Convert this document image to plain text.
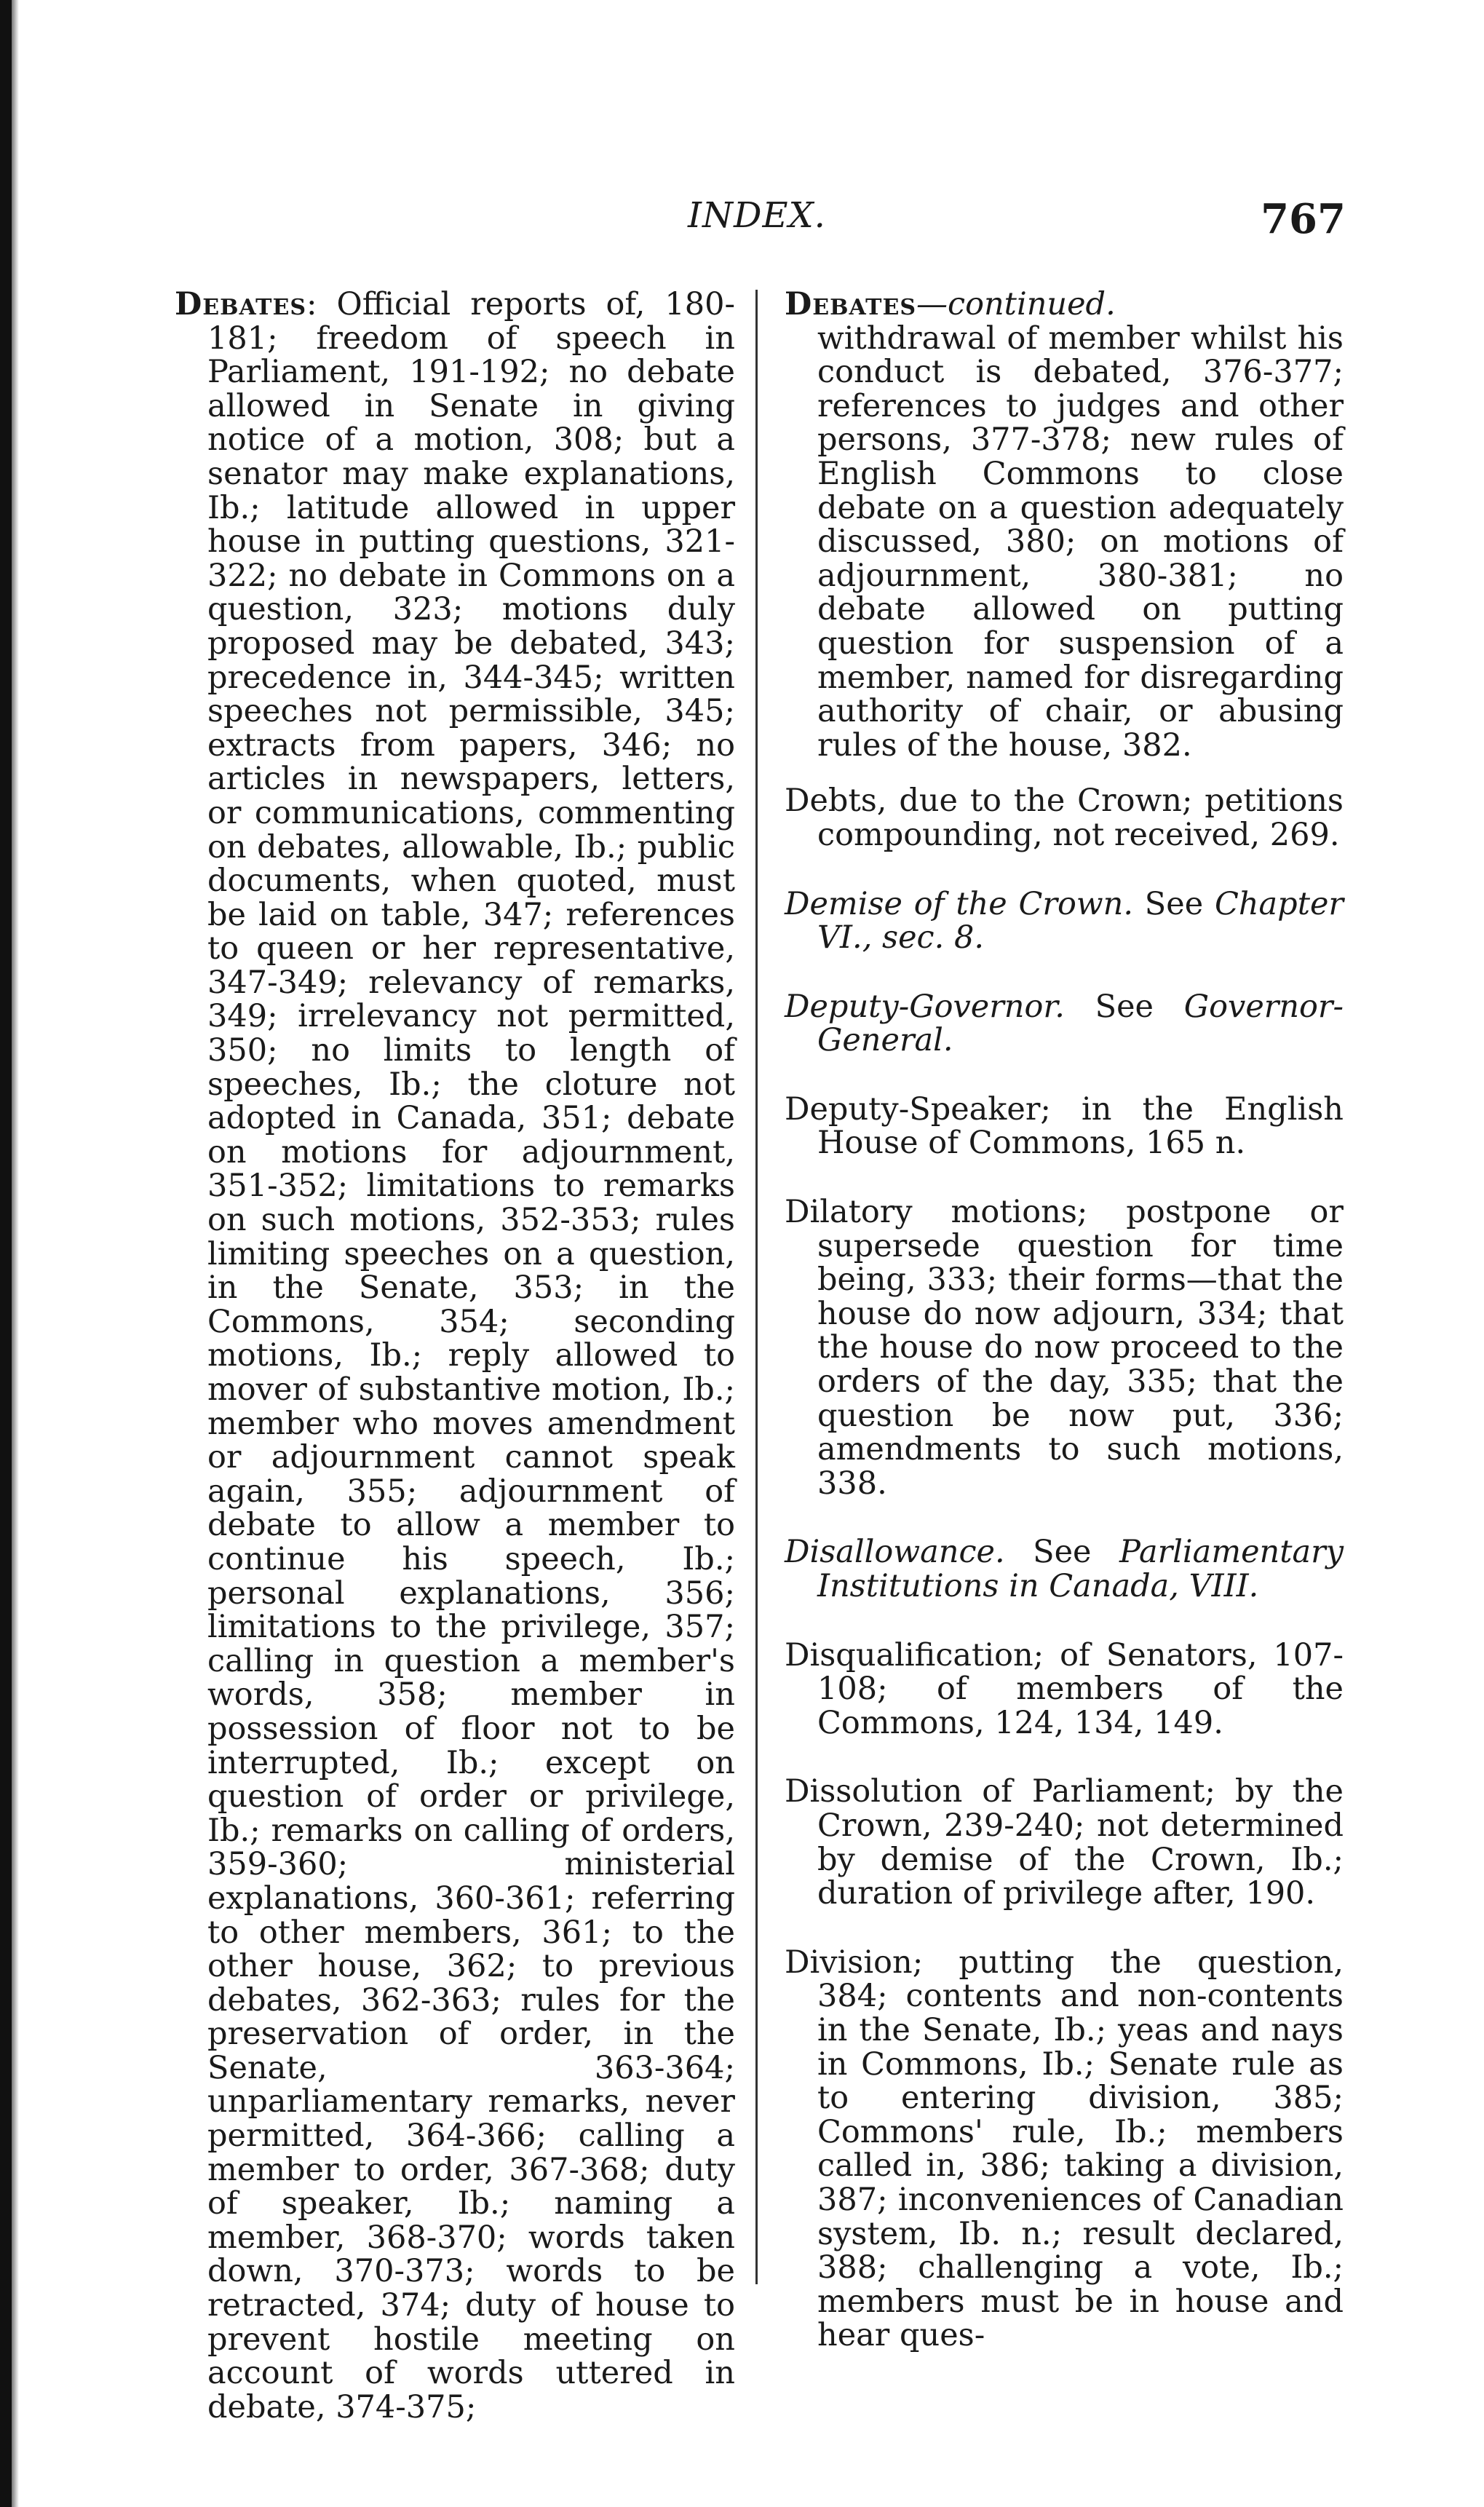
INDEX.	767

Debates: Official reports of, 180-181; freedom of speech in Parliament, 191-192; no debate allowed in Senate in giving notice of a motion, 308; but a senator may make explanations, Ib.; latitude allowed in upper house in putting questions, 321-322; no debate in Commons on a question, 323; motions duly proposed may be debated, 343; precedence in, 344-345; written speeches not permissible, 345; extracts from papers, 346; no articles in newspapers, letters, or communications, commenting on debates, allowable, Ib.; public documents, when quoted, must be laid on table, 347; references to queen or her representative, 347-349; relevancy of remarks, 349; irrelevancy not permitted, 350; no limits to length of speeches, Ib.; the cloture not adopted in Canada, 351; debate on motions for adjournment, 351-352; limitations to remarks on such motions, 352-353; rules limiting speeches on a question, in the Senate, 353; in the Commons, 354; seconding motions, Ib.; reply allowed to mover of substantive motion, Ib.; member who moves amendment or adjournment cannot speak again, 355; adjournment of debate to allow a member to continue his speech, Ib.; personal explanations, 356; limitations to the privilege, 357; calling in question a member's words, 358; member in possession of floor not to be interrupted, Ib.; except on question of order or privilege, Ib.; remarks on calling of orders, 359-360; ministerial explanations, 360-361; referring to other members, 361; to the other house, 362; to previous debates, 362-363; rules for the preservation of order, in the Senate, 363-364; unparliamentary remarks, never permitted, 364-366; calling a member to order, 367-368; duty of speaker, Ib.; naming a member, 368-370; words taken down, 370-373; words to be retracted, 374; duty of house to prevent hostile meeting on account of words uttered in debate, 374-375;

Debates—continued.
withdrawal of member whilst his conduct is debated, 376-377; references to judges and other persons, 377-378; new rules of English Commons to close debate on a question adequately discussed, 380; on motions of adjournment, 380-381; no debate allowed on putting question for suspension of a member, named for disregarding authority of chair, or abusing rules of the house, 382.

Debts, due to the Crown; petitions compounding, not received, 269.

Demise of the Crown. See Chapter VI., sec. 8.

Deputy-Governor. See Governor-General.

Deputy-Speaker; in the English House of Commons, 165 n.

Dilatory motions; postpone or supersede question for time being, 333; their forms—that the house do now adjourn, 334; that the house do now proceed to the orders of the day, 335; that the question be now put, 336; amendments to such motions, 338.

Disallowance. See Parliamentary Institutions in Canada, VIII.

Disqualification; of Senators, 107-108; of members of the Commons, 124, 134, 149.

Dissolution of Parliament; by the Crown, 239-240; not determined by demise of the Crown, Ib.; duration of privilege after, 190.

Division; putting the question, 384; contents and non-contents in the Senate, Ib.; yeas and nays in Commons, Ib.; Senate rule as to entering division, 385; Commons' rule, Ib.; members called in, 386; taking a division, 387; inconveniences of Canadian system, Ib. n.; result declared, 388; challenging a vote, Ib.; members must be in house and hear ques-
